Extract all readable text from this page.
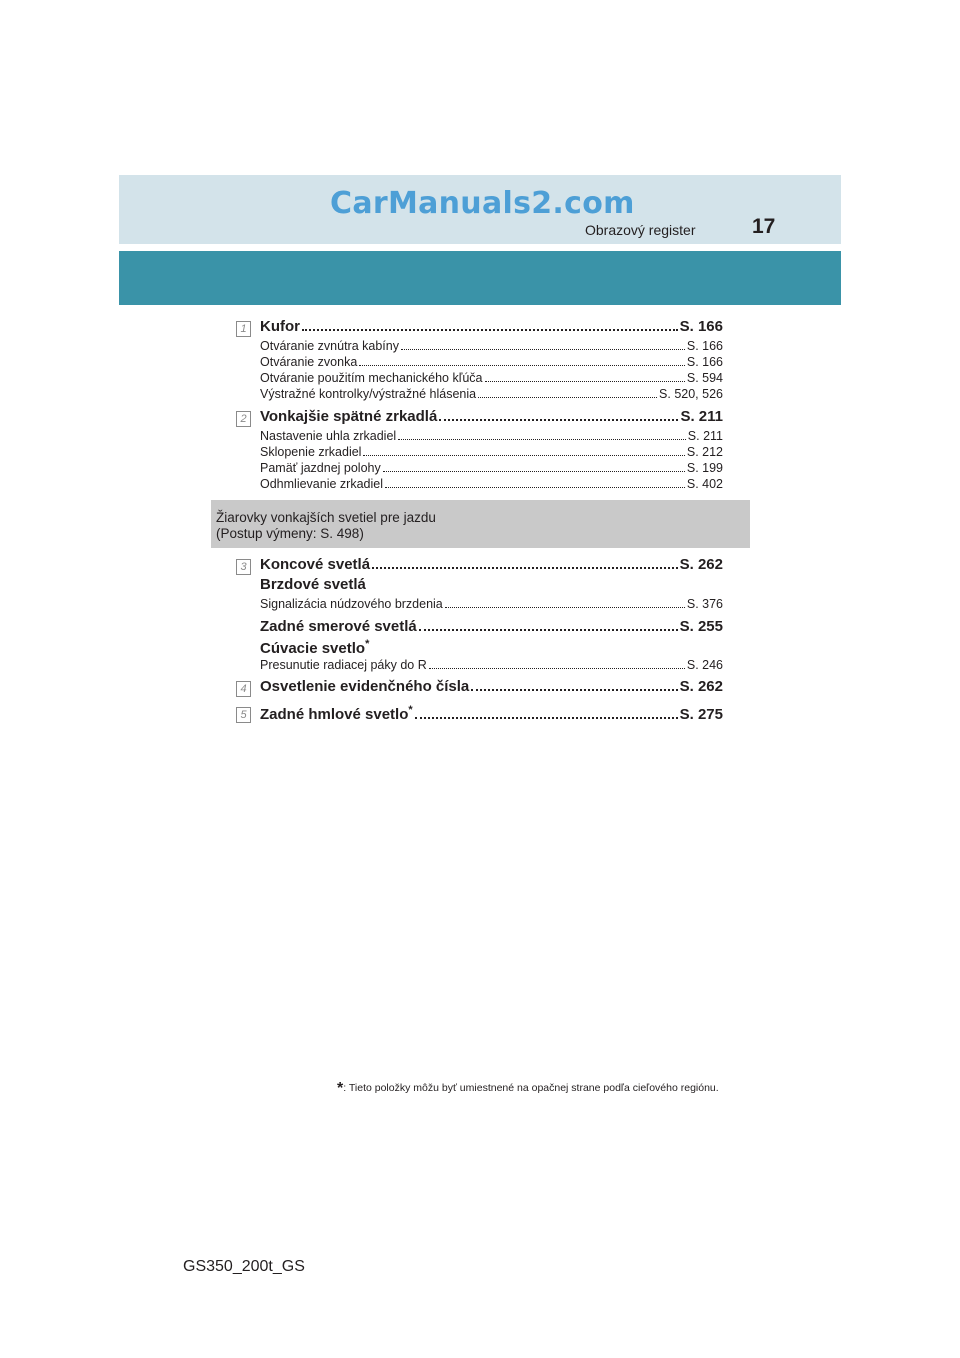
CarManuals2.com
Obrazový register	17
1 Kufor	S. 166
Otváranie zvnútra kabíny	S. 166
Otváranie zvonka	S. 166
Otváranie použitím mechanického kľúča	S. 594
Výstražné kontrolky/výstražné hlásenia	S. 520, 526
2 Vonkajšie spätné zrkadlá	S. 211
Nastavenie uhla zrkadiel	S. 211
Sklopenie zrkadiel	S. 212
Pamäť jazdnej polohy	S. 199
Odhmlievanie zrkadiel	S. 402
Žiarovky vonkajších svetiel pre jazdu
(Postup výmeny: S. 498)
3 Koncové svetlá	S. 262
Brzdové svetlá
Signalizácia núdzového brzdenia	S. 376
Zadné smerové svetlá	S. 255
Cúvacie svetlo*
Presunutie radiacej páky do R	S. 246
4 Osvetlenie evidenčného čísla	S. 262
5 Zadné hmlové svetlo*	S. 275
*: Tieto položky môžu byť umiestnené na opačnej strane podľa cieľového regiónu.
GS350_200t_GS
